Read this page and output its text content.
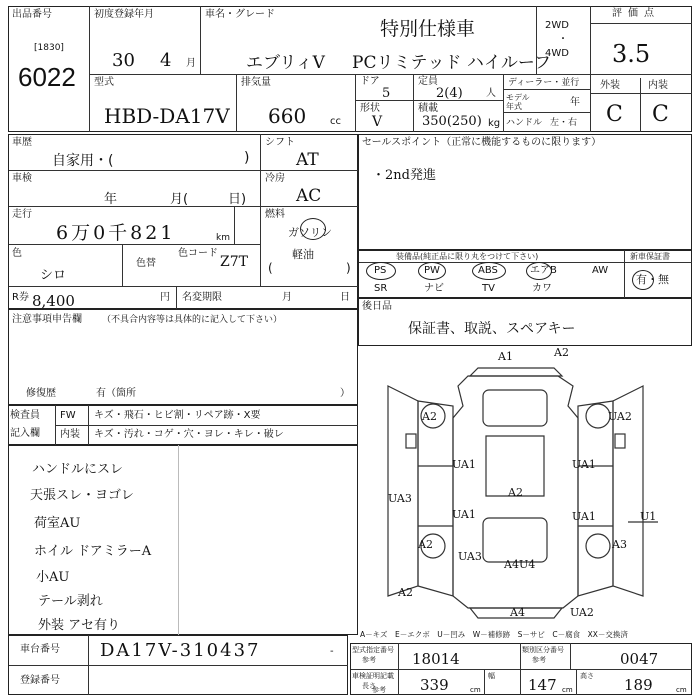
出品番号
[1830]
6022
初度登録年月
30 4 月
車名・グレード
特別仕様車
エブリィV PCリミテッド ハイルーフ
2WD
・
4WD
評価点
3.5
外装	内装
C C
型式
HBD-DA17V
排気量
660 cc
ドア
5
定員
2(4) 人
ディーラー・並行
モデル年式	年
ハンドル 左・右
形状
V
積載
350(250) kg
車歴
自家用・(	)
シフト
AT
車検
年	月(	日)
冷房
AC
走行
6万0千821	km
燃料
ガソリン
軽油
(	)
色
シロ
色替
色コード
Z7T
R券 8,400	円 名変期限	月	日
注意事項申告欄 （不具合内容等は具体的に記入して下さい）
修復歴	有（箇所	）
セールスポイント（正常に機能するものに限ります）
・2nd発進
装備品(純正品に限り丸をつけて下さい)	新車保証書
PS	PW	ABS	エアB	AW
SR	ナビ	TV	カワ
有・無
後日品
保証書、取説、スペアキー
検査員
記入欄
FW キズ・飛石・ヒビ割・リペア跡・X要
内装 キズ・汚れ・コゲ・穴・ヨレ・キレ・破レ
ハンドルにスレ
天張スレ・ヨゴレ
荷室AU
ホイル ドアミラーA
小AU
テール剥れ
外装 アセ有り
A1	A2
A2
UA1	UA1
UA3
UA1
A2
UA1	U1
UA2
A3
UA3
A4U4
A4	UA2
A2
A2
A－キズ　E－エクボ　U－凹み　W－補修跡　S－サビ　C－腐食　XX－交換済
車台番号 DA17V-310437	-
登録番号
型式指定番号
参考 18014	類別区分番号
参考	0047
車検証明記載
長さ
参考 339	cm
幅 147 cm
高さ 189	cm
